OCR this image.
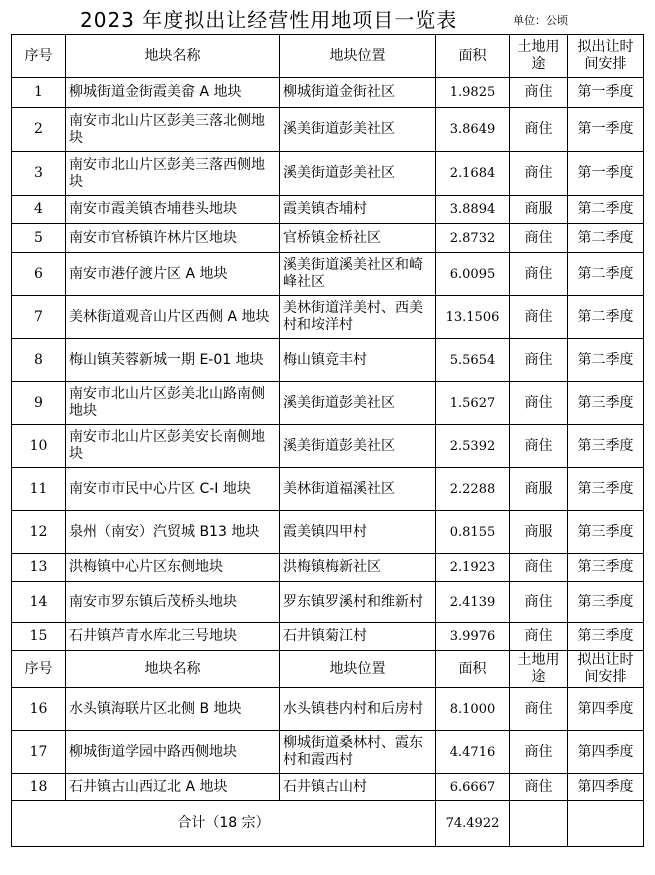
2023 年度拟出让经营性用地项目一览表	单位：公顷
序号	地块名称	地块位置	面积	土地用途	拟出让时间安排
1	柳城街道金街霞美畲 A 地块	柳城街道金街社区	1.9825	商住	第一季度
2	南安市北山片区彭美三落北侧地块	溪美街道彭美社区	3.8649	商住	第一季度
3	南安市北山片区彭美三落西侧地块	溪美街道彭美社区	2.1684	商住	第一季度
4	南安市霞美镇杏埔巷头地块	霞美镇杏埔村	3.8894	商服	第二季度
5	南安市官桥镇许林片区地块	官桥镇金桥社区	2.8732	商住	第二季度
6	南安市港仔渡片区 A 地块	溪美街道溪美社区和崎峰社区	6.0095	商住	第二季度
7	美林街道观音山片区西侧 A 地块	美林街道洋美村、西美村和垵洋村	13.1506	商住	第二季度
8	梅山镇芙蓉新城一期 E-01 地块	梅山镇竞丰村	5.5654	商住	第二季度
9	南安市北山片区彭美北山路南侧地块	溪美街道彭美社区	1.5627	商住	第三季度
10	南安市北山片区彭美安长南侧地块	溪美街道彭美社区	2.5392	商住	第三季度
11	南安市市民中心片区 C-I 地块	美林街道福溪社区	2.2288	商服	第三季度
12	泉州（南安）汽贸城 B13 地块	霞美镇四甲村	0.8155	商服	第三季度
13	洪梅镇中心片区东侧地块	洪梅镇梅新社区	2.1923	商住	第三季度
14	南安市罗东镇后茂桥头地块	罗东镇罗溪村和维新村	2.4139	商住	第三季度
15	石井镇芦青水库北三号地块	石井镇菊江村	3.9976	商住	第三季度
序号	地块名称	地块位置	面积	土地用途	拟出让时间安排
16	水头镇海联片区北侧 B 地块	水头镇巷内村和后房村	8.1000	商住	第四季度
17	柳城街道学园中路西侧地块	柳城街道桑林村、霞东村和霞西村	4.4716	商住	第四季度
18	石井镇古山西辽北 A 地块	石井镇古山村	6.6667	商住	第四季度
合计（18 宗）			74.4922		
